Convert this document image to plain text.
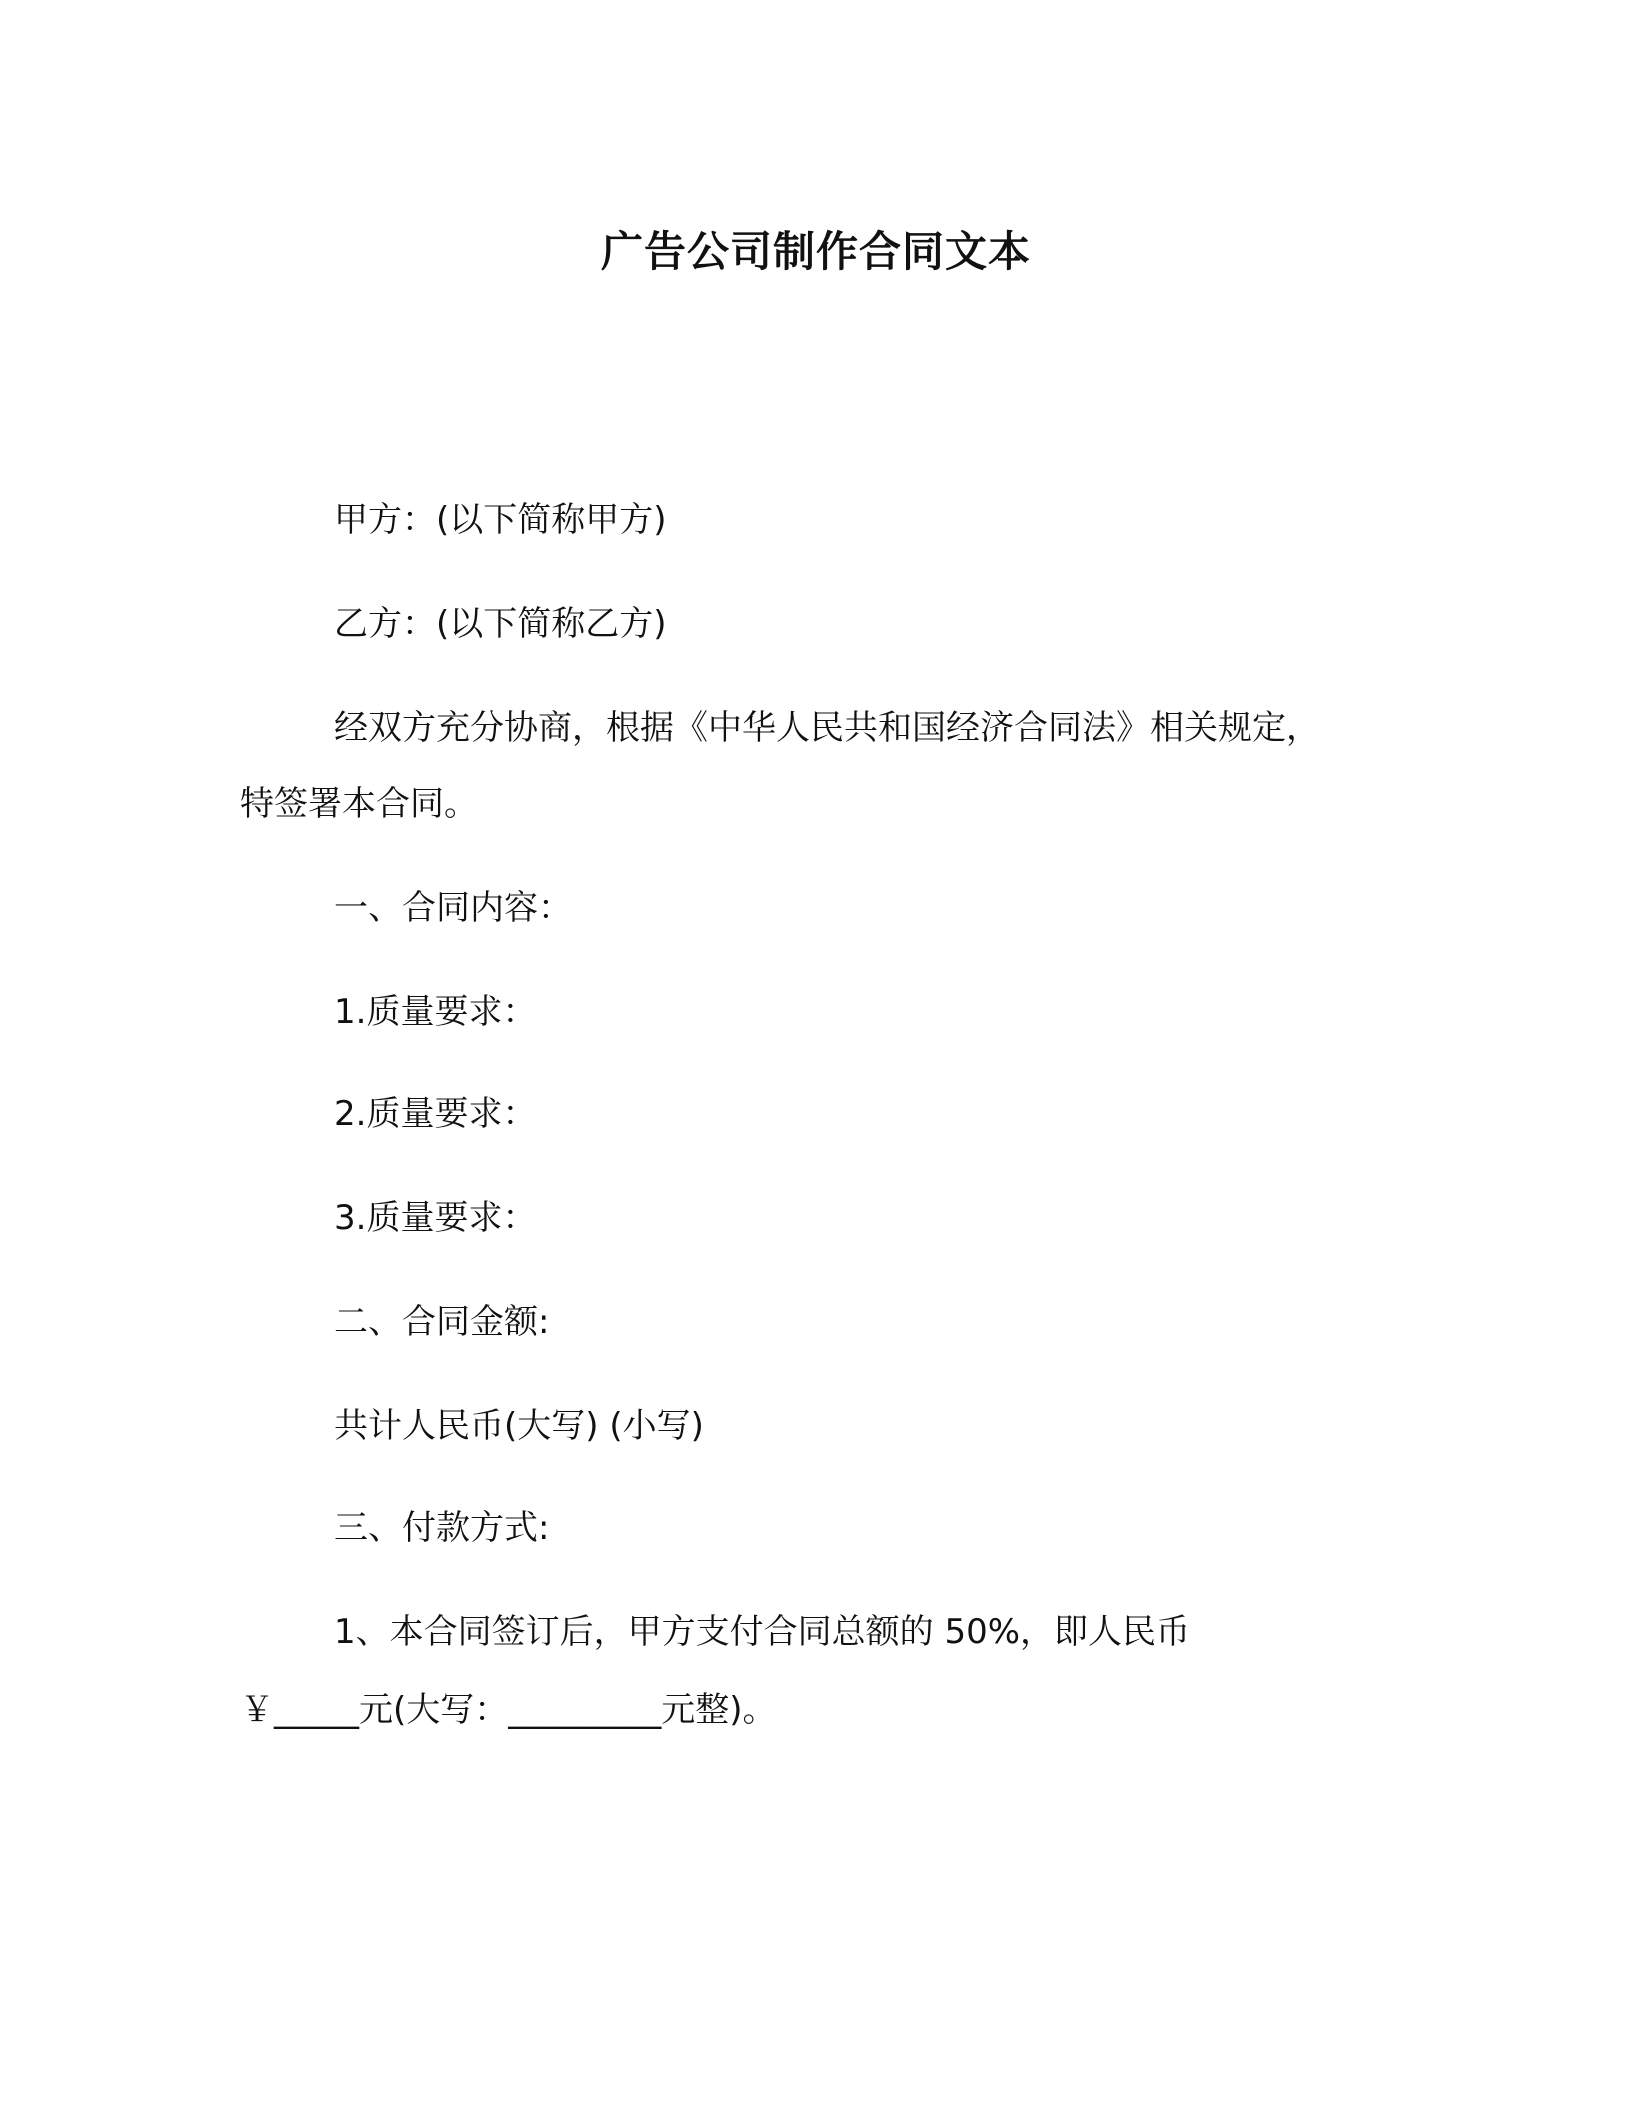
广告公司制作合同文本
甲方：(以下简称甲方)
乙方：(以下简称乙方)
经双方充分协商，根据《中华人民共和国经济合同法》相关规定，
特签署本合同。
一、合同内容：
1.质量要求：
2.质量要求：
3.质量要求：
二、合同金额:
共计人民币(大写) (小写)
三、付款方式:
1、本合同签订后，甲方支付合同总额的 50%，即人民币
￥_____元(大写：_________元整)。
